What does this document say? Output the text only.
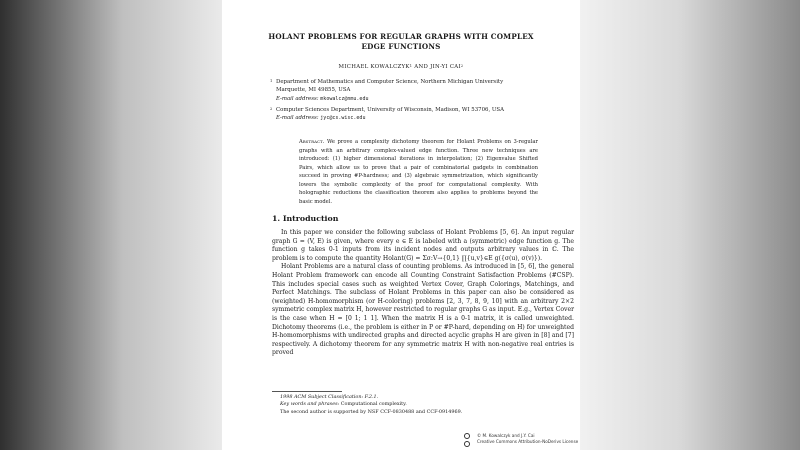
HOLANT PROBLEMS FOR REGULAR GRAPHS WITH COMPLEX
EDGE FUNCTIONS
MICHAEL KOWALCZYK$^1$ AND JIN-YI CAI$^2$
1 Department of Mathematics and Computer Science, Northern Michigan University
Marquette, MI 49855, USA
E-mail address: mkowalcz@nmu.edu
2 Computer Sciences Department, University of Wisconsin, Madison, WI 53706, USA
E-mail address: jyc@cs.wisc.edu
Abstract. We prove a complexity dichotomy theorem for Holant Problems on 3-regular graphs with an arbitrary complex-valued edge function. Three new techniques are introduced: (1) higher dimensional iterations in interpolation; (2) Eigenvalue Shifted Pairs, which allow us to prove that a pair of combinatorial gadgets in combination succeed in proving #P-hardness; and (3) algebraic symmetrization, which significantly lowers the symbolic complexity of the proof for computational complexity. With holographic reductions the classification theorem also applies to problems beyond the basic model.
1. Introduction

In this paper we consider the following subclass of Holant Problems [5, 6]. An input regular graph G = (V, E) is given, where every e ∈ E is labeled with a (symmetric) edge function g. The function g takes 0-1 inputs from its incident nodes and outputs arbitrary values in ℂ. The problem is to compute the quantity Holant(G) = Σσ:V→{0,1} ∏{u,v}∈E g({σ(u), σ(v)}).

Holant Problems are a natural class of counting problems. As introduced in [5, 6], the general Holant Problem framework can encode all Counting Constraint Satisfaction Problems (#CSP). This includes special cases such as weighted Vertex Cover, Graph Colorings, Matchings, and Perfect Matchings. The subclass of Holant Problems in this paper can also be considered as (weighted) H-homomorphism (or H-coloring) problems [2, 3, 7, 8, 9, 10] with an arbitrary 2×2 symmetric complex matrix H, however restricted to regular graphs G as input. E.g., Vertex Cover is the case when H = [0 1; 1 1]. When the matrix H is a 0-1 matrix, it is called unweighted. Dichotomy theorems (i.e., the problem is either in P or #P-hard, depending on H) for unweighted H-homomorphisms with undirected graphs and directed acyclic graphs H are given in [8] and [7] respectively. A dichotomy theorem for any symmetric matrix H with non-negative real entries is proved

1998 ACM Subject Classification: F.2.1.
Key words and phrases: Computational complexity.
The second author is supported by NSF CCF-0830488 and CCF-0914969.
© M. Kowalczyk and J.Y. Cai
Creative Commons Attribution-NoDerivs License
